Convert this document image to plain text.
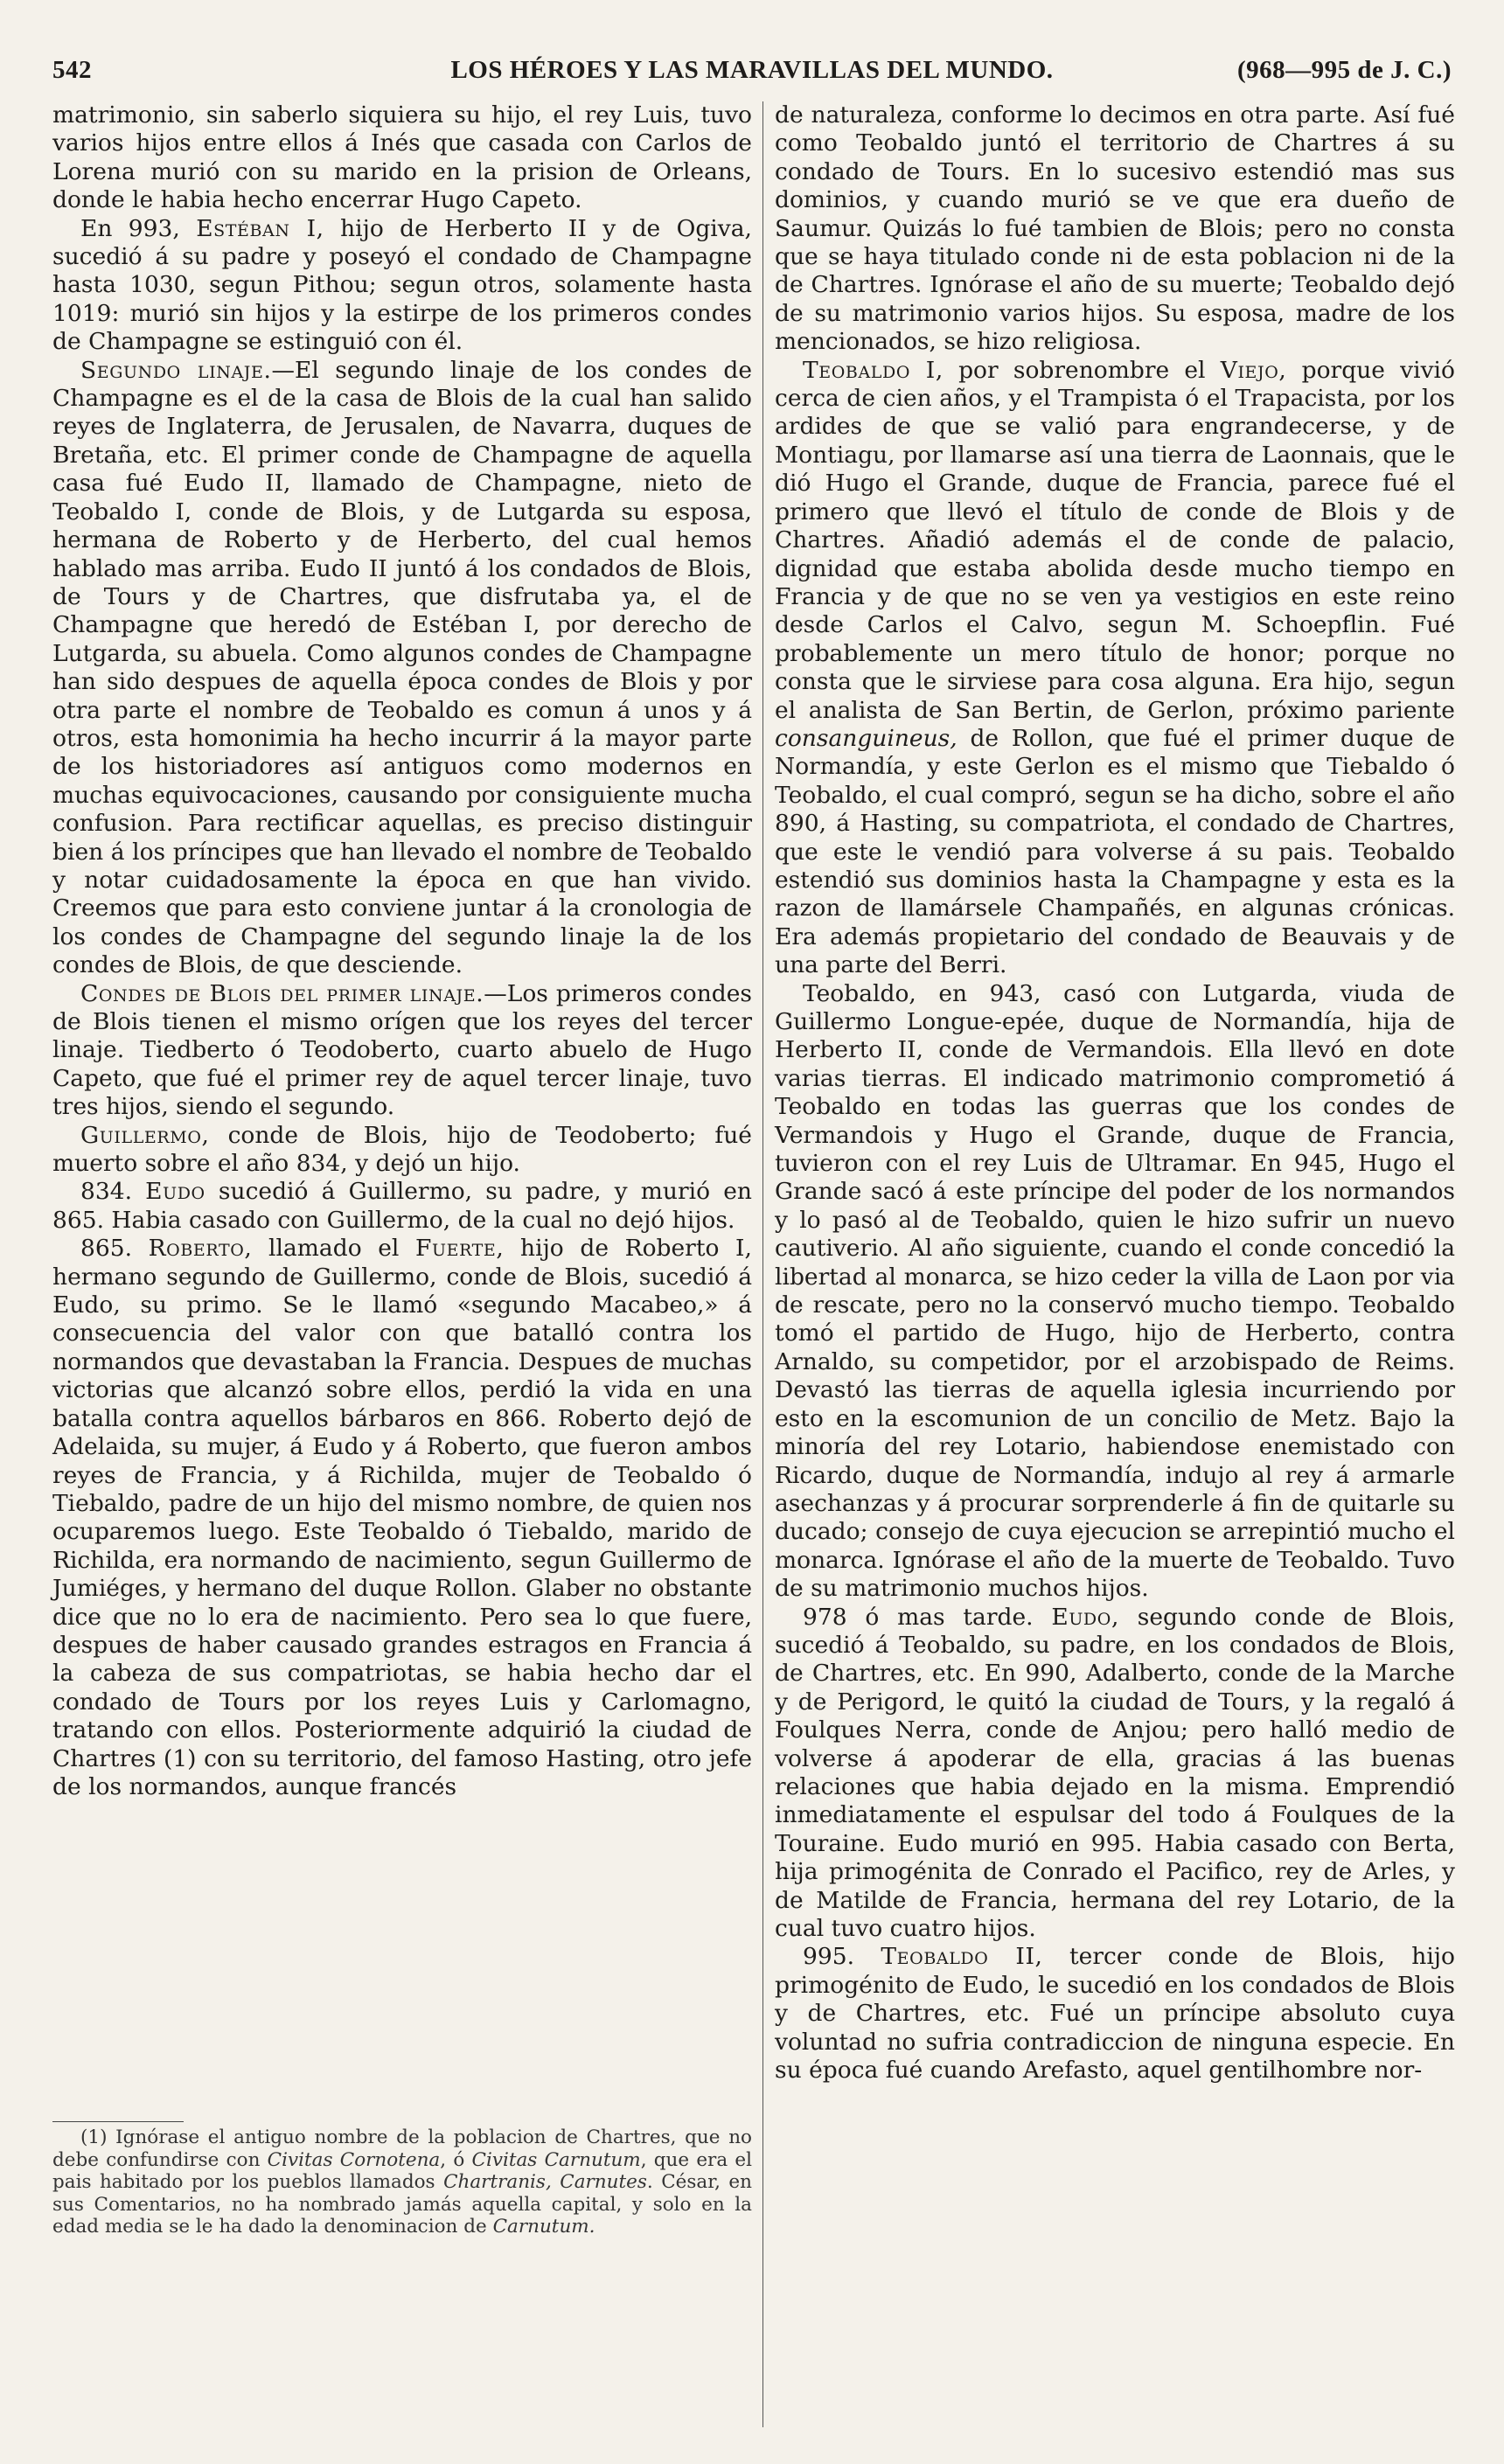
542	LOS HÉROES Y LAS MARAVILLAS DEL MUNDO.	(968—995 de J. C.)

matrimonio, sin saberlo siquiera su hijo, el rey Luis, tuvo varios hijos entre ellos á Inés que casada con Carlos de Lorena murió con su marido en la prision de Orleans, donde le habia hecho encerrar Hugo Capeto.

En 993, Estéban I, hijo de Herberto II y de Ogiva, sucedió á su padre y poseyó el condado de Champagne hasta 1030, segun Pithou; segun otros, solamente hasta 1019: murió sin hijos y la estirpe de los primeros condes de Champagne se estinguió con él.

Segundo linaje.—El segundo linaje de los condes de Champagne es el de la casa de Blois de la cual han salido reyes de Inglaterra, de Jerusalen, de Navarra, duques de Bretaña, etc. El primer conde de Champagne de aquella casa fué Eudo II, llamado de Champagne, nieto de Teobaldo I, conde de Blois, y de Lutgarda su esposa, hermana de Roberto y de Herberto, del cual hemos hablado mas arriba. Eudo II juntó á los condados de Blois, de Tours y de Chartres, que disfrutaba ya, el de Champagne que heredó de Estéban I, por derecho de Lutgarda, su abuela. Como algunos condes de Champagne han sido despues de aquella época condes de Blois y por otra parte el nombre de Teobaldo es comun á unos y á otros, esta homonimia ha hecho incurrir á la mayor parte de los historiadores así antiguos como modernos en muchas equivocaciones, causando por consiguiente mucha confusion. Para rectificar aquellas, es preciso distinguir bien á los príncipes que han llevado el nombre de Teobaldo y notar cuidadosamente la época en que han vivido. Creemos que para esto conviene juntar á la cronologia de los condes de Champagne del segundo linaje la de los condes de Blois, de que desciende.

Condes de Blois del primer linaje.—Los primeros condes de Blois tienen el mismo orígen que los reyes del tercer linaje. Tiedberto ó Teodoberto, cuarto abuelo de Hugo Capeto, que fué el primer rey de aquel tercer linaje, tuvo tres hijos, siendo el segundo.

Guillermo, conde de Blois, hijo de Teodoberto; fué muerto sobre el año 834, y dejó un hijo.

834. Eudo sucedió á Guillermo, su padre, y murió en 865. Habia casado con Guillermo, de la cual no dejó hijos.

865. Roberto, llamado el Fuerte, hijo de Roberto I, hermano segundo de Guillermo, conde de Blois, sucedió á Eudo, su primo. Se le llamó «segundo Macabeo,» á consecuencia del valor con que batalló contra los normandos que devastaban la Francia. Despues de muchas victorias que alcanzó sobre ellos, perdió la vida en una batalla contra aquellos bárbaros en 866. Roberto dejó de Adelaida, su mujer, á Eudo y á Roberto, que fueron ambos reyes de Francia, y á Richilda, mujer de Teobaldo ó Tiebaldo, padre de un hijo del mismo nombre, de quien nos ocuparemos luego. Este Teobaldo ó Tiebaldo, marido de Richilda, era normando de nacimiento, segun Guillermo de Jumiéges, y hermano del duque Rollon. Glaber no obstante dice que no lo era de nacimiento. Pero sea lo que fuere, despues de haber causado grandes estragos en Francia á la cabeza de sus compatriotas, se habia hecho dar el condado de Tours por los reyes Luis y Carlomagno, tratando con ellos. Posteriormente adquirió la ciudad de Chartres (1) con su territorio, del famoso Hasting, otro jefe de los normandos, aunque francés

de naturaleza, conforme lo decimos en otra parte. Así fué como Teobaldo juntó el territorio de Chartres á su condado de Tours. En lo sucesivo estendió mas sus dominios, y cuando murió se ve que era dueño de Saumur. Quizás lo fué tambien de Blois; pero no consta que se haya titulado conde ni de esta poblacion ni de la de Chartres. Ignórase el año de su muerte; Teobaldo dejó de su matrimonio varios hijos. Su esposa, madre de los mencionados, se hizo religiosa.

Teobaldo I, por sobrenombre el Viejo, porque vivió cerca de cien años, y el Trampista ó el Trapacista, por los ardides de que se valió para engrandecerse, y de Montiagu, por llamarse así una tierra de Laonnais, que le dió Hugo el Grande, duque de Francia, parece fué el primero que llevó el título de conde de Blois y de Chartres. Añadió además el de conde de palacio, dignidad que estaba abolida desde mucho tiempo en Francia y de que no se ven ya vestigios en este reino desde Carlos el Calvo, segun M. Schoepflin. Fué probablemente un mero título de honor; porque no consta que le sirviese para cosa alguna. Era hijo, segun el analista de San Bertin, de Gerlon, próximo pariente consanguineus, de Rollon, que fué el primer duque de Normandía, y este Gerlon es el mismo que Tiebaldo ó Teobaldo, el cual compró, segun se ha dicho, sobre el año 890, á Hasting, su compatriota, el condado de Chartres, que este le vendió para volverse á su pais. Teobaldo estendió sus dominios hasta la Champagne y esta es la razon de llamársele Champañés, en algunas crónicas. Era además propietario del condado de Beauvais y de una parte del Berri.

Teobaldo, en 943, casó con Lutgarda, viuda de Guillermo Longue-epée, duque de Normandía, hija de Herberto II, conde de Vermandois. Ella llevó en dote varias tierras. El indicado matrimonio comprometió á Teobaldo en todas las guerras que los condes de Vermandois y Hugo el Grande, duque de Francia, tuvieron con el rey Luis de Ultramar. En 945, Hugo el Grande sacó á este príncipe del poder de los normandos y lo pasó al de Teobaldo, quien le hizo sufrir un nuevo cautiverio. Al año siguiente, cuando el conde concedió la libertad al monarca, se hizo ceder la villa de Laon por via de rescate, pero no la conservó mucho tiempo. Teobaldo tomó el partido de Hugo, hijo de Herberto, contra Arnaldo, su competidor, por el arzobispado de Reims. Devastó las tierras de aquella iglesia incurriendo por esto en la escomunion de un concilio de Metz. Bajo la minoría del rey Lotario, habiendose enemistado con Ricardo, duque de Normandía, indujo al rey á armarle asechanzas y á procurar sorprenderle á fin de quitarle su ducado; consejo de cuya ejecucion se arrepintió mucho el monarca. Ignórase el año de la muerte de Teobaldo. Tuvo de su matrimonio muchos hijos.

978 ó mas tarde. Eudo, segundo conde de Blois, sucedió á Teobaldo, su padre, en los condados de Blois, de Chartres, etc. En 990, Adalberto, conde de la Marche y de Perigord, le quitó la ciudad de Tours, y la regaló á Foulques Nerra, conde de Anjou; pero halló medio de volverse á apoderar de ella, gracias á las buenas relaciones que habia dejado en la misma. Emprendió inmediatamente el espulsar del todo á Foulques de la Touraine. Eudo murió en 995. Habia casado con Berta, hija primogénita de Conrado el Pacifico, rey de Arles, y de Matilde de Francia, hermana del rey Lotario, de la cual tuvo cuatro hijos.

995. Teobaldo II, tercer conde de Blois, hijo primogénito de Eudo, le sucedió en los condados de Blois y de Chartres, etc. Fué un príncipe absoluto cuya voluntad no sufria contradiccion de ninguna especie. En su época fué cuando Arefasto, aquel gentilhombre nor-

(1) Ignórase el antiguo nombre de la poblacion de Chartres, que no debe confundirse con Civitas Cornotena, ó Civitas Carnutum, que era el pais habitado por los pueblos llamados Chartranis, Carnutes. César, en sus Comentarios, no ha nombrado jamás aquella capital, y solo en la edad media se le ha dado la denominacion de Carnutum.
